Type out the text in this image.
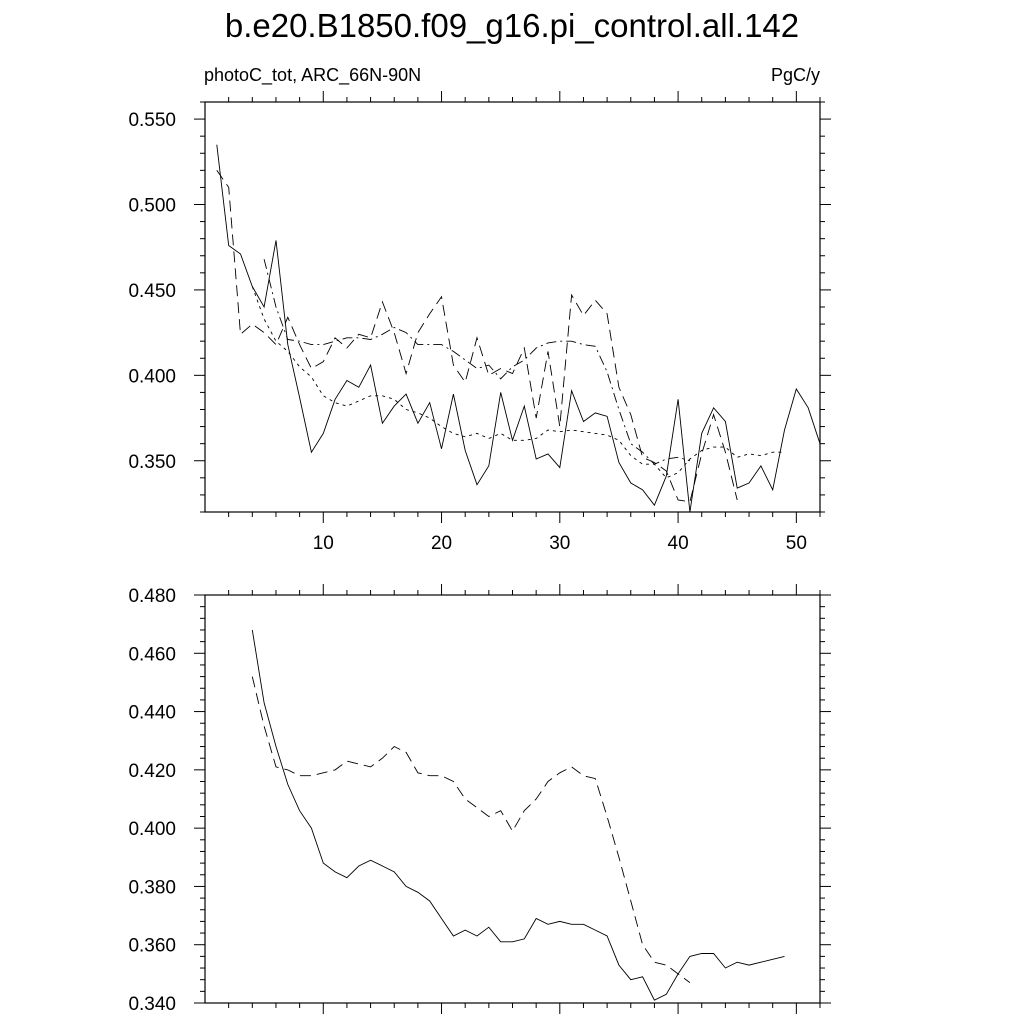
b.e20.B1850.f09_g16.pi_control.all.142
photoC_tot, ARC_66N-90N	PgC/y
10	20	30	40	50
0.350
0.400
0.450
0.500
0.550
0.340
0.360
0.380
0.400
0.420
0.440
0.460
0.480
